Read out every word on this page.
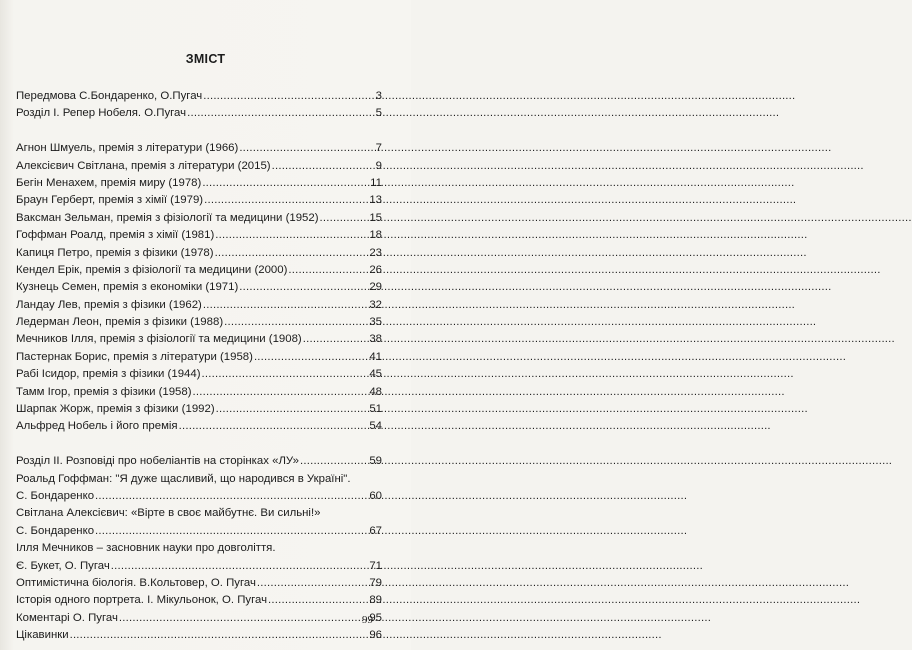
ЗМІСТ
Передмова С.Бондаренко, О.Пугач .....	3
Розділ І. Репер Нобеля. О.Пугач .....	5
Агнон Шмуель, премія з літератури (1966) .....	7
Алексієвич Світлана, премія з літератури (2015) .....	9
Бегін Менахем, премія миру (1978) .....	11
Браун Герберт, премія з хімії (1979) .....	13
Ваксман Зельман, премія з фізіології та медицини (1952) .....	15
Гоффман Роалд, премія з хімії (1981) .....	18
Капиця Петро, премія з фізики (1978) .....	23
Кендел Ерік, премія з фізіології та медицини (2000) .....	26
Кузнець Семен, премія з економіки (1971) .....	29
Ландау Лев, премія з фізики (1962) .....	32
Ледерман Леон, премія з фізики (1988) .....	35
Мечников Ілля, премія з фізіології та медицини (1908) .....	38
Пастернак Борис, премія з літератури (1958) .....	41
Рабі Ісидор, премія з фізики (1944) .....	45
Тамм Ігор, премія з фізики (1958) .....	48
Шарпак Жорж, премія з фізики (1992) .....	51
Альфред Нобель і його премія .....	54
Розділ ІІ. Розповіді про нобеліантів на сторінках «ЛУ» .....	59
Роальд Гоффман: "Я дуже щасливий, що народився в Україні".
С. Бондаренко .....	60
Світлана Алексієвич: «Вірте в своє майбутнє. Ви сильні!»
С. Бондаренко .....	67
Ілля Мечников – засновник науки про довголіття.
Є. Букет, О. Пугач .....	71
Оптимістична біологія. В.Кольтовер, О. Пугач .....	79
Історія одного портрета. І. Мікульонок, О. Пугач .....	89
Коментарі О. Пугач .....	95
Цікавинки .....	96
99
